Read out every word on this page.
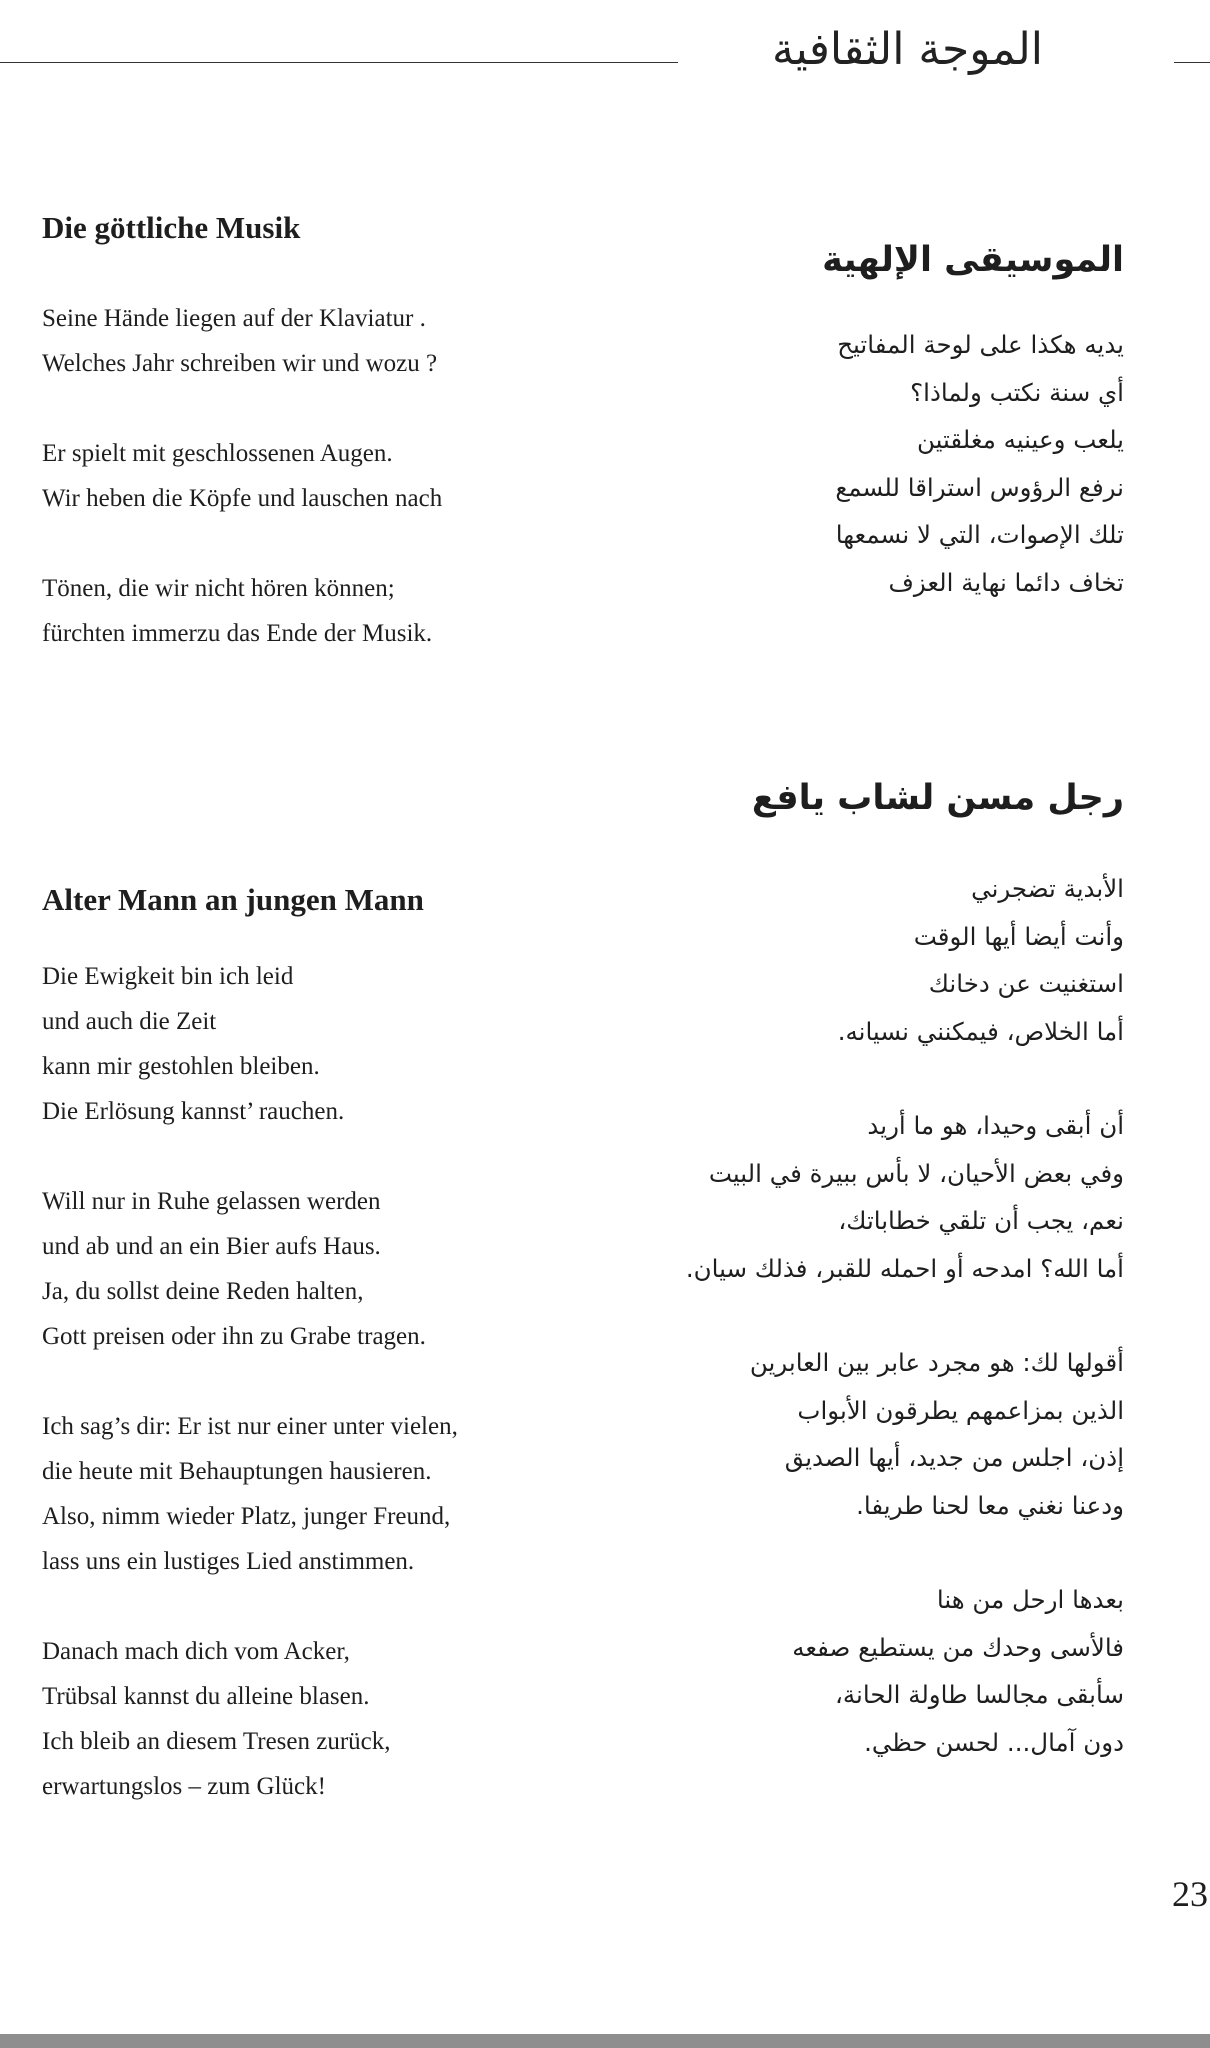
الموجة الثقافية
Die göttliche Musik
Seine Hände liegen auf der Klaviatur .
Welches Jahr schreiben wir und wozu ?
Er spielt mit geschlossenen Augen.
Wir heben die Köpfe und lauschen nach
Tönen, die wir nicht hören können;
fürchten immerzu das Ende der Musik.
الموسيقى الإلهية
يديه هكذا على لوحة المفاتيح
أي سنة نكتب ولماذا؟
يلعب وعينيه مغلقتين
نرفع الرؤوس استراقا للسمع
تلك الإصوات، التي لا نسمعها
تخاف دائما نهاية العزف
رجل مسن لشاب يافع
الأبدية تضجرني
وأنت أيضا أيها الوقت
استغنيت عن دخانك
أما الخلاص، فيمكنني نسيانه.
أن أبقى وحيدا، هو ما أريد
وفي بعض الأحيان، لا بأس ببيرة في البيت
نعم، يجب أن تلقي خطاباتك،
أما الله؟ امدحه أو احمله للقبر، فذلك سيان.
أقولها لك: هو مجرد عابر بين العابرين
الذين بمزاعمهم يطرقون الأبواب
إذن، اجلس من جديد، أيها الصديق
ودعنا نغني معا لحنا طريفا.
بعدها ارحل من هنا
فالأسى وحدك من يستطيع صفعه
سأبقى مجالسا طاولة الحانة،
دون آمال... لحسن حظي.
Alter Mann an jungen Mann
Die Ewigkeit bin ich leid
und auch die Zeit
kann mir gestohlen bleiben.
Die Erlösung kannst’ rauchen.
Will nur in Ruhe gelassen werden
und ab und an ein Bier aufs Haus.
Ja, du sollst deine Reden halten,
Gott preisen oder ihn zu Grabe tragen.
Ich sag’s dir: Er ist nur einer unter vielen,
die heute mit Behauptungen hausieren.
Also, nimm wieder Platz, junger Freund,
lass uns ein lustiges Lied anstimmen.
Danach mach dich vom Acker,
Trübsal kannst du alleine blasen.
Ich bleib an diesem Tresen zurück,
erwartungslos – zum Glück!
23
